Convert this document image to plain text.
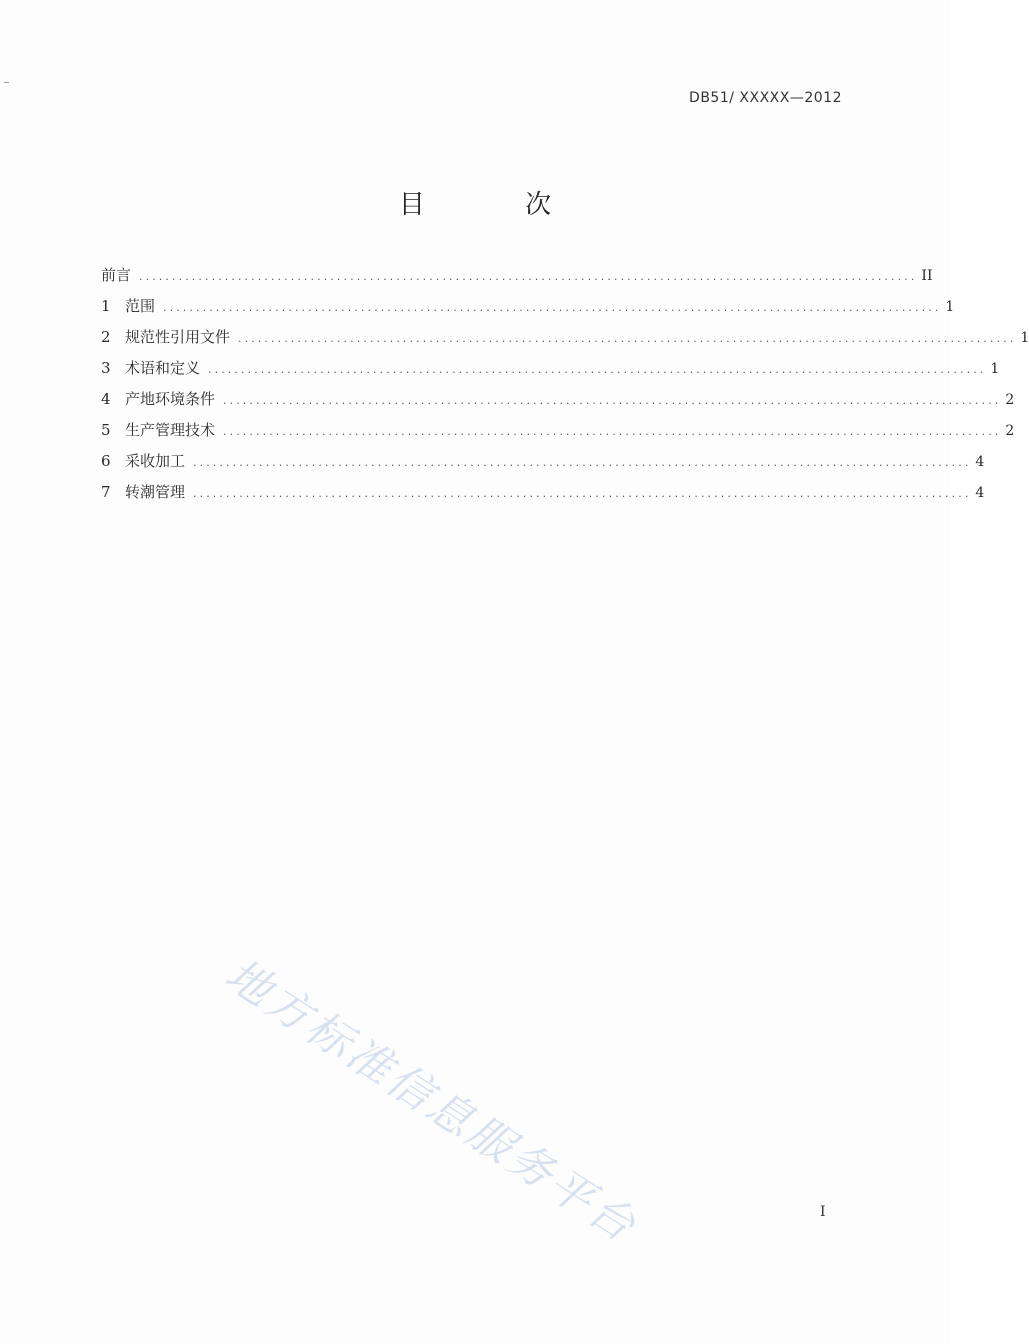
DB51/ XXXXX—2012
目 次
前言 ...................................................................................................................... II
1 范围 ...................................................................................................................... 1
2 规范性引用文件 ...................................................................................................................... 1
3 术语和定义 ...................................................................................................................... 1
4 产地环境条件 ...................................................................................................................... 2
5 生产管理技术 ...................................................................................................................... 2
6 采收加工 ...................................................................................................................... 4
7 转潮管理 ...................................................................................................................... 4
地方标准信息服务平台	I
